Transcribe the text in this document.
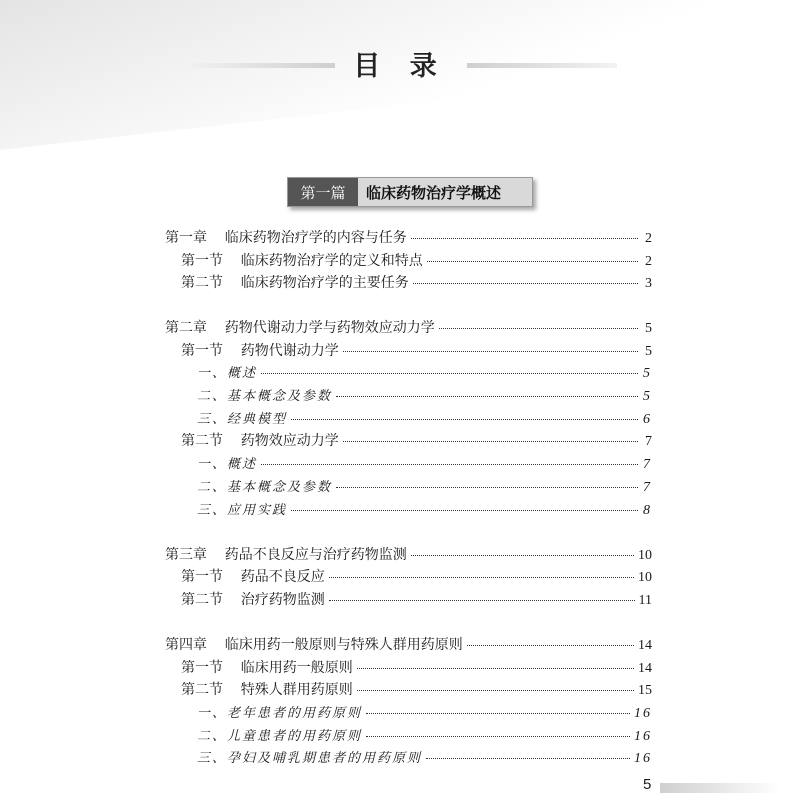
目 录
第一篇	临床药物治疗学概述
第一章    临床药物治疗学的内容与任务	2
第一节    临床药物治疗学的定义和特点	2
第二节    临床药物治疗学的主要任务	3
第二章    药物代谢动力学与药物效应动力学	5
第一节    药物代谢动力学	5
一、概述	5
二、基本概念及参数	5
三、经典模型	6
第二节    药物效应动力学	7
一、概述	7
二、基本概念及参数	7
三、应用实践	8
第三章    药品不良反应与治疗药物监测	10
第一节    药品不良反应	10
第二节    治疗药物监测	11
第四章    临床用药一般原则与特殊人群用药原则	14
第一节    临床用药一般原则	14
第二节    特殊人群用药原则	15
一、老年患者的用药原则	16
二、儿童患者的用药原则	16
三、孕妇及哺乳期患者的用药原则	16
5
